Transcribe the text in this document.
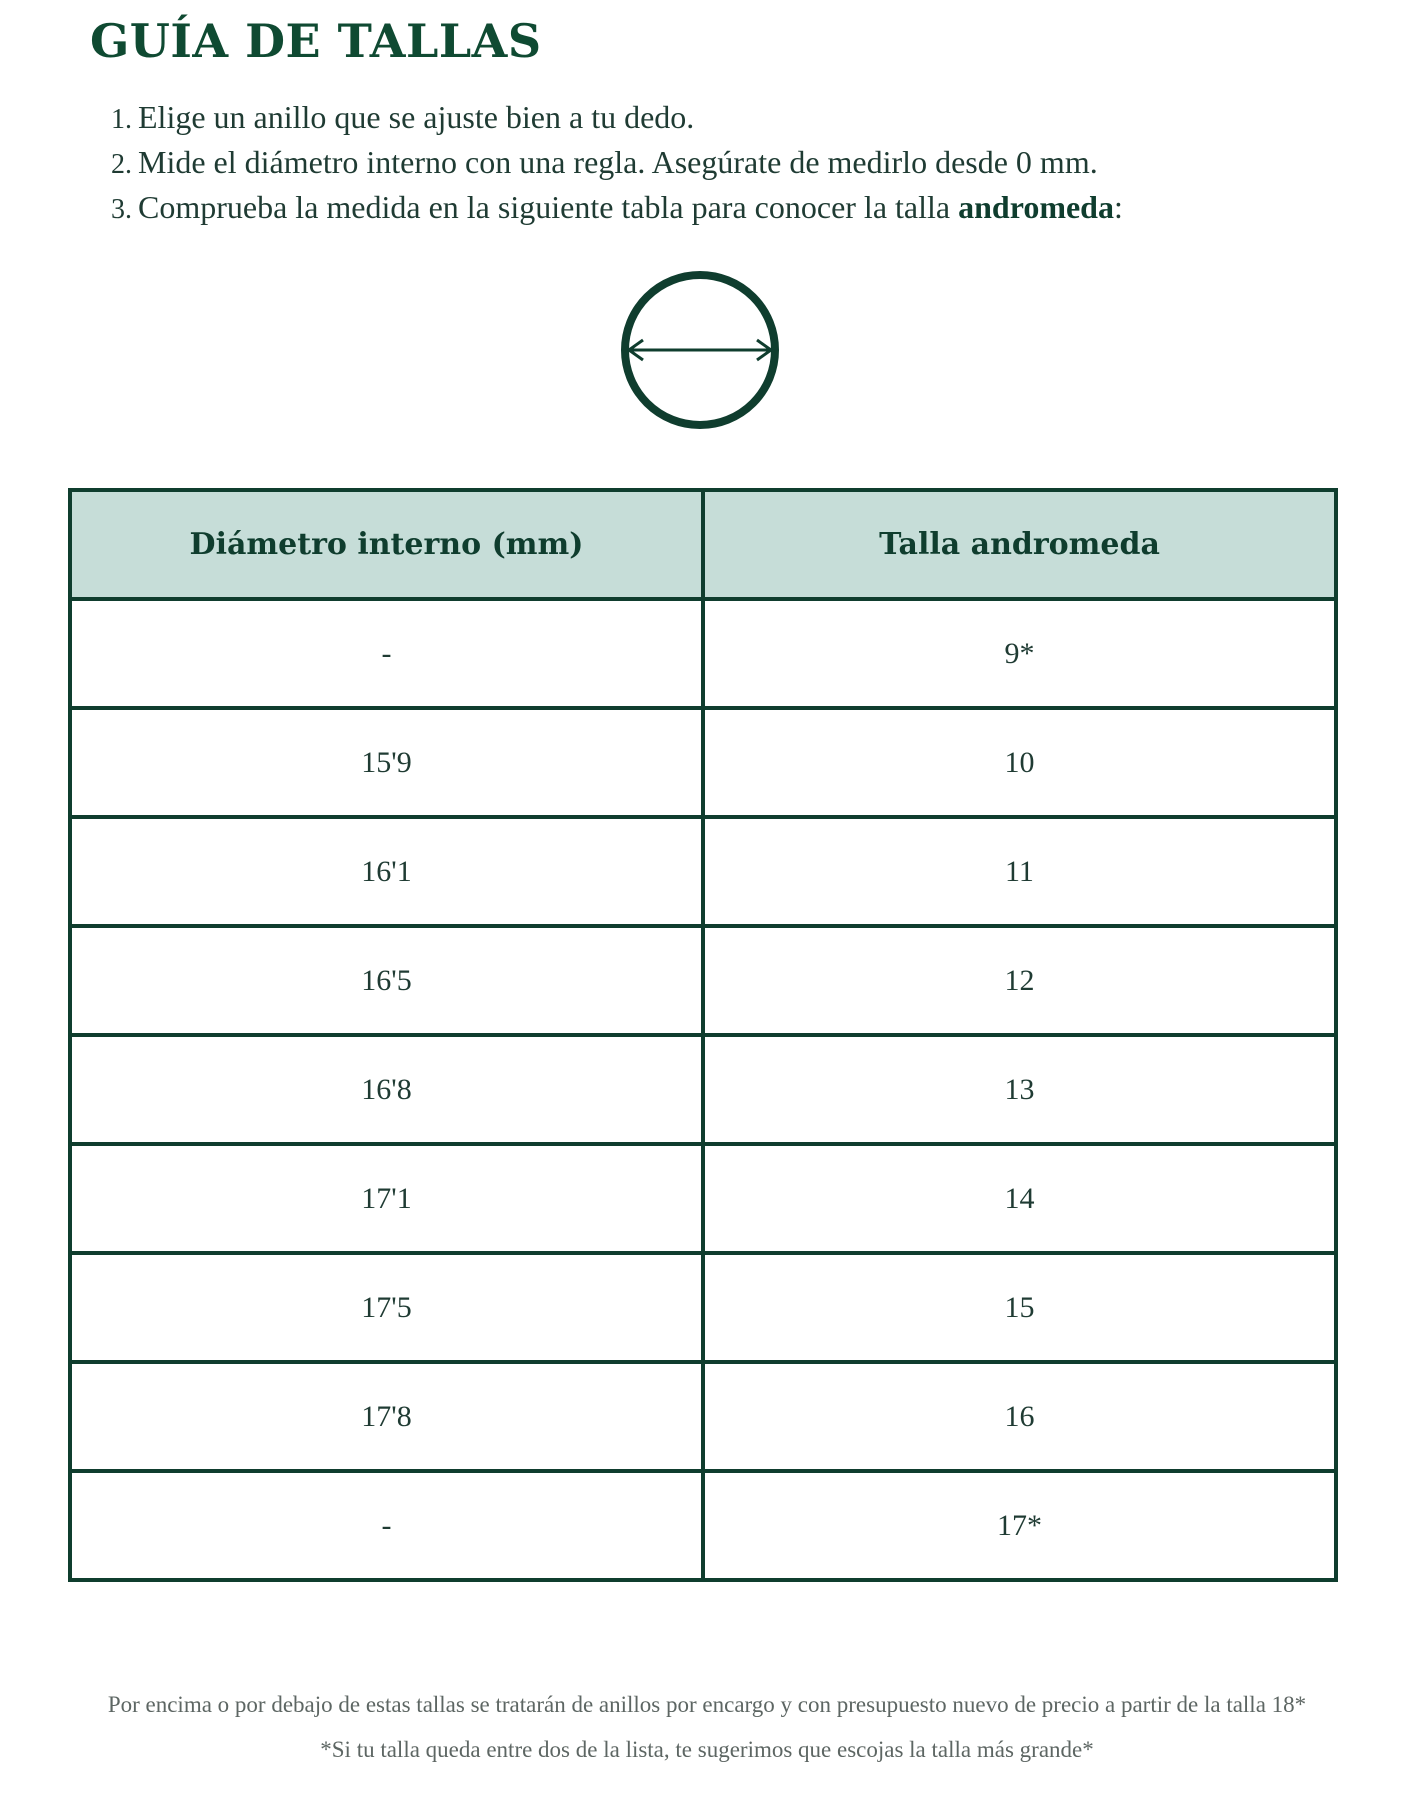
GUÍA DE TALLAS
1. Elige un anillo que se ajuste bien a tu dedo.
2. Mide el diámetro interno con una regla. Asegúrate de medirlo desde 0 mm.
3. Comprueba la medida en la siguiente tabla para conocer la talla andromeda:
Diámetro interno (mm)	Talla andromeda
-	9*
15'9	10
16'1	11
16'5	12
16'8	13
17'1	14
17'5	15
17'8	16
-	17*

Por encima o por debajo de estas tallas se tratarán de anillos por encargo y con presupuesto nuevo de precio a partir de la talla 18*

*Si tu talla queda entre dos de la lista, te sugerimos que escojas la talla más grande*
